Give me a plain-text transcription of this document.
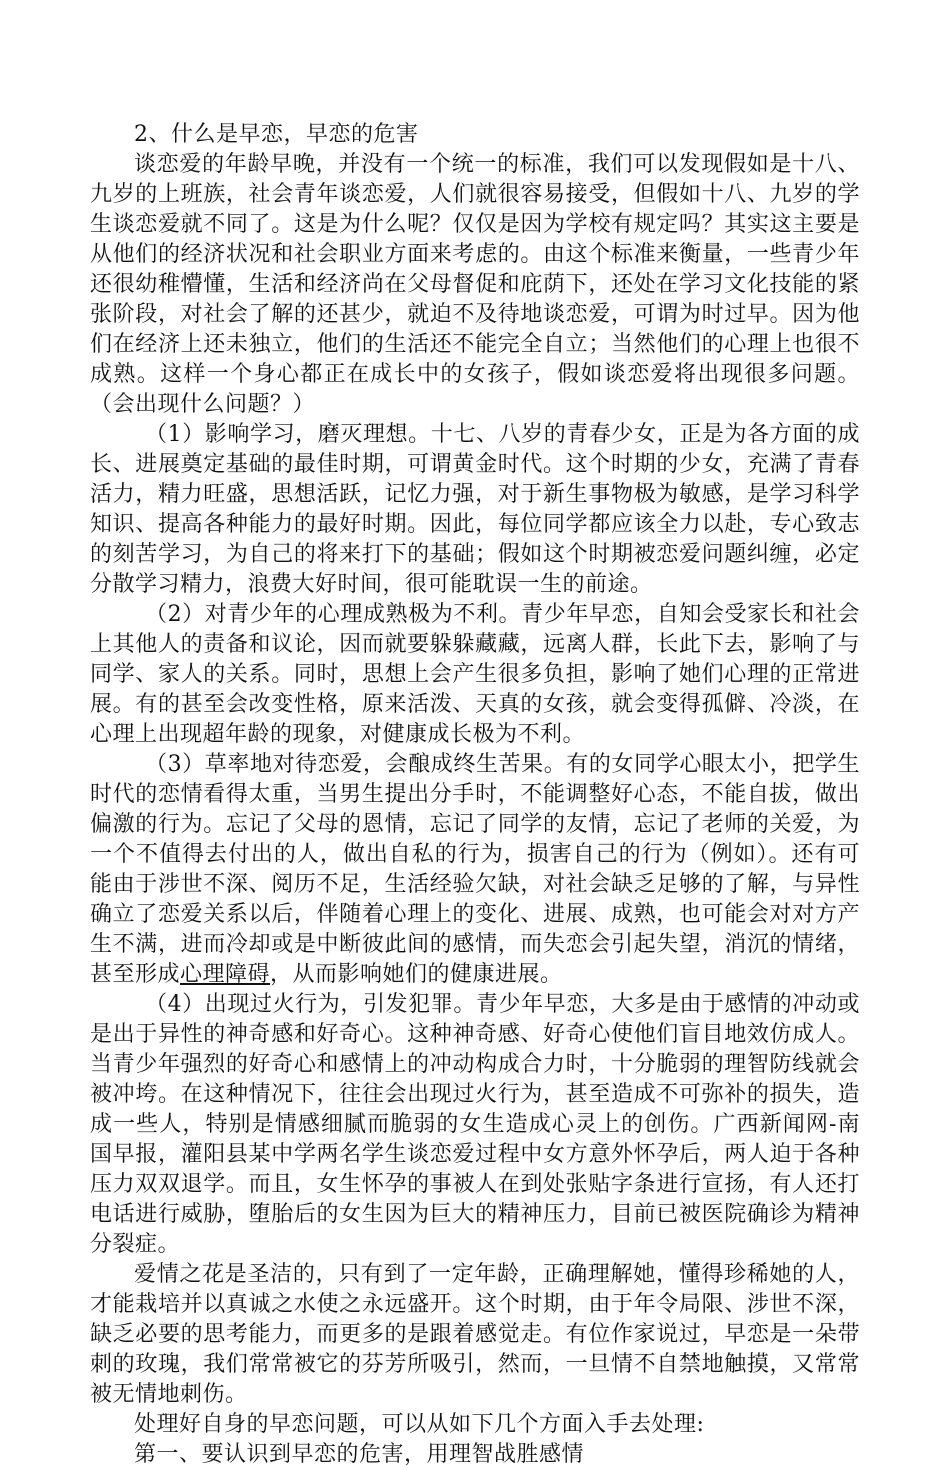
2、什么是早恋，早恋的危害

谈恋爱的年龄早晚，并没有一个统一的标准，我们可以发现假如是十八、九岁的上班族，社会青年谈恋爱，人们就很容易接受，但假如十八、九岁的学生谈恋爱就不同了。这是为什么呢？仅仅是因为学校有规定吗？其实这主要是从他们的经济状况和社会职业方面来考虑的。由这个标准来衡量，一些青少年还很幼稚懵懂，生活和经济尚在父母督促和庇荫下，还处在学习文化技能的紧张阶段，对社会了解的还甚少，就迫不及待地谈恋爱，可谓为时过早。因为他们在经济上还未独立，他们的生活还不能完全自立；当然他们的心理上也很不成熟。这样一个身心都正在成长中的女孩子，假如谈恋爱将出现很多问题。（会出现什么问题？）

（1）影响学习，磨灭理想。十七、八岁的青春少女，正是为各方面的成长、进展奠定基础的最佳时期，可谓黄金时代。这个时期的少女，充满了青春活力，精力旺盛，思想活跃，记忆力强，对于新生事物极为敏感，是学习科学知识、提高各种能力的最好时期。因此，每位同学都应该全力以赴，专心致志的刻苦学习，为自己的将来打下的基础；假如这个时期被恋爱问题纠缠，必定分散学习精力，浪费大好时间，很可能耽误一生的前途。

（2）对青少年的心理成熟极为不利。青少年早恋，自知会受家长和社会上其他人的责备和议论，因而就要躲躲藏藏，远离人群，长此下去，影响了与同学、家人的关系。同时，思想上会产生很多负担，影响了她们心理的正常进展。有的甚至会改变性格，原来活泼、天真的女孩，就会变得孤僻、冷淡，在心理上出现超年龄的现象，对健康成长极为不利。

（3）草率地对待恋爱，会酿成终生苦果。有的女同学心眼太小，把学生时代的恋情看得太重，当男生提出分手时，不能调整好心态，不能自拔，做出偏激的行为。忘记了父母的恩情，忘记了同学的友情，忘记了老师的关爱，为一个不值得去付出的人，做出自私的行为，损害自己的行为（例如）。还有可能由于涉世不深、阅历不足，生活经验欠缺，对社会缺乏足够的了解，与异性确立了恋爱关系以后，伴随着心理上的变化、进展、成熟，也可能会对对方产生不满，进而冷却或是中断彼此间的感情，而失恋会引起失望，消沉的情绪，甚至形成心理障碍，从而影响她们的健康进展。

（4）出现过火行为，引发犯罪。青少年早恋，大多是由于感情的冲动或是出于异性的神奇感和好奇心。这种神奇感、好奇心使他们盲目地效仿成人。当青少年强烈的好奇心和感情上的冲动构成合力时，十分脆弱的理智防线就会被冲垮。在这种情况下，往往会出现过火行为，甚至造成不可弥补的损失，造成一些人，特别是情感细腻而脆弱的女生造成心灵上的创伤。广西新闻网-南国早报，灌阳县某中学两名学生谈恋爱过程中女方意外怀孕后，两人迫于各种压力双双退学。而且，女生怀孕的事被人在到处张贴字条进行宣扬，有人还打电话进行威胁，堕胎后的女生因为巨大的精神压力，目前已被医院确诊为精神分裂症。

爱情之花是圣洁的，只有到了一定年龄，正确理解她，懂得珍稀她的人，才能栽培并以真诚之水使之永远盛开。这个时期，由于年令局限、涉世不深，缺乏必要的思考能力，而更多的是跟着感觉走。有位作家说过，早恋是一朵带刺的玫瑰，我们常常被它的芬芳所吸引，然而，一旦情不自禁地触摸，又常常被无情地刺伤。

处理好自身的早恋问题，可以从如下几个方面入手去处理:

第一、要认识到早恋的危害，用理智战胜感情
